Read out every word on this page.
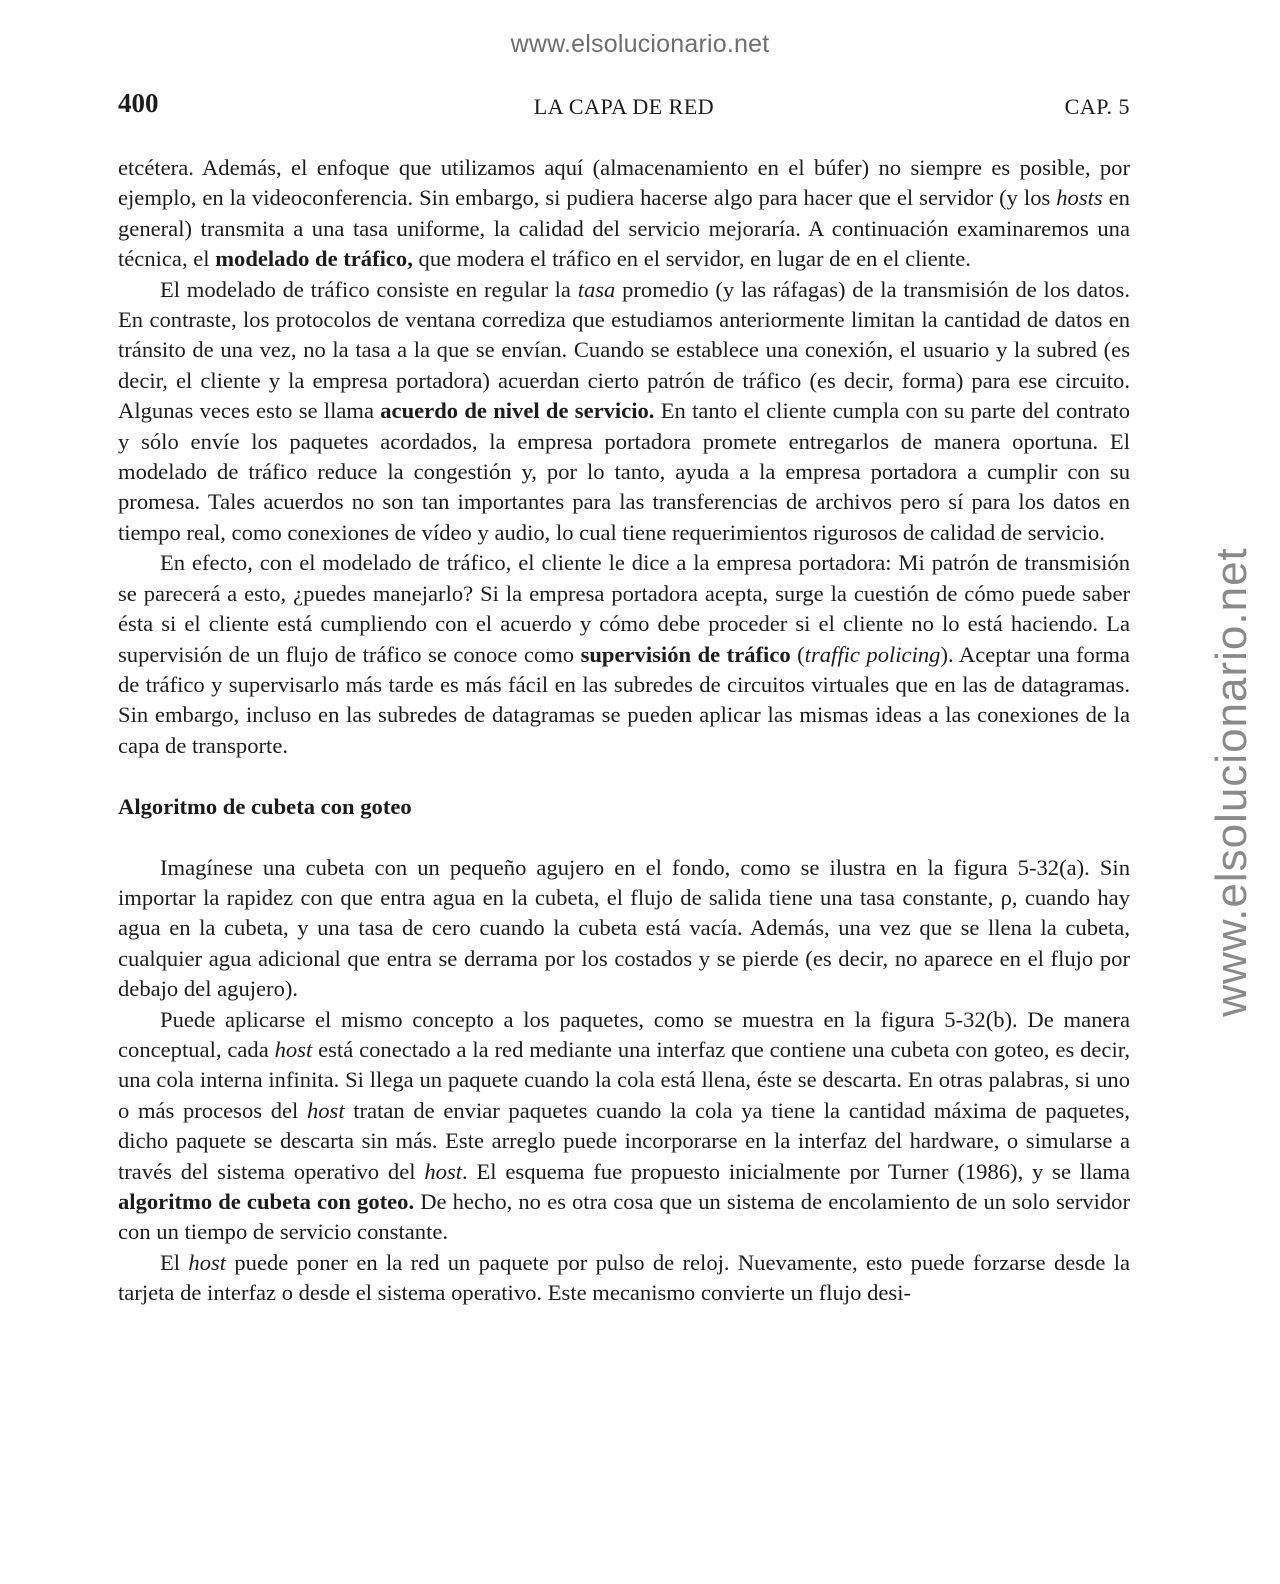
www.elsolucionario.net
www.elsolucionario.net
400	LA CAPA DE RED	CAP. 5

etcétera. Además, el enfoque que utilizamos aquí (almacenamiento en el búfer) no siempre es posible, por ejemplo, en la videoconferencia. Sin embargo, si pudiera hacerse algo para hacer que el servidor (y los hosts en general) transmita a una tasa uniforme, la calidad del servicio mejoraría. A continuación examinaremos una técnica, el modelado de tráfico, que modera el tráfico en el servidor, en lugar de en el cliente.

El modelado de tráfico consiste en regular la tasa promedio (y las ráfagas) de la transmisión de los datos. En contraste, los protocolos de ventana corrediza que estudiamos anteriormente limitan la cantidad de datos en tránsito de una vez, no la tasa a la que se envían. Cuando se establece una conexión, el usuario y la subred (es decir, el cliente y la empresa portadora) acuerdan cierto patrón de tráfico (es decir, forma) para ese circuito. Algunas veces esto se llama acuerdo de nivel de servicio. En tanto el cliente cumpla con su parte del contrato y sólo envíe los paquetes acordados, la empresa portadora promete entregarlos de manera oportuna. El modelado de tráfico reduce la congestión y, por lo tanto, ayuda a la empresa portadora a cumplir con su promesa. Tales acuerdos no son tan importantes para las transferencias de archivos pero sí para los datos en tiempo real, como conexiones de vídeo y audio, lo cual tiene requerimientos rigurosos de calidad de servicio.

En efecto, con el modelado de tráfico, el cliente le dice a la empresa portadora: Mi patrón de transmisión se parecerá a esto, ¿puedes manejarlo? Si la empresa portadora acepta, surge la cuestión de cómo puede saber ésta si el cliente está cumpliendo con el acuerdo y cómo debe proceder si el cliente no lo está haciendo. La supervisión de un flujo de tráfico se conoce como supervisión de tráfico (traffic policing). Aceptar una forma de tráfico y supervisarlo más tarde es más fácil en las subredes de circuitos virtuales que en las de datagramas. Sin embargo, incluso en las subredes de datagramas se pueden aplicar las mismas ideas a las conexiones de la capa de transporte.

Algoritmo de cubeta con goteo

Imagínese una cubeta con un pequeño agujero en el fondo, como se ilustra en la figura 5-32(a). Sin importar la rapidez con que entra agua en la cubeta, el flujo de salida tiene una tasa constante, ρ, cuando hay agua en la cubeta, y una tasa de cero cuando la cubeta está vacía. Además, una vez que se llena la cubeta, cualquier agua adicional que entra se derrama por los costados y se pierde (es decir, no aparece en el flujo por debajo del agujero).

Puede aplicarse el mismo concepto a los paquetes, como se muestra en la figura 5-32(b). De manera conceptual, cada host está conectado a la red mediante una interfaz que contiene una cubeta con goteo, es decir, una cola interna infinita. Si llega un paquete cuando la cola está llena, éste se descarta. En otras palabras, si uno o más procesos del host tratan de enviar paquetes cuando la cola ya tiene la cantidad máxima de paquetes, dicho paquete se descarta sin más. Este arreglo puede incorporarse en la interfaz del hardware, o simularse a través del sistema operativo del host. El esquema fue propuesto inicialmente por Turner (1986), y se llama algoritmo de cubeta con goteo. De hecho, no es otra cosa que un sistema de encolamiento de un solo servidor con un tiempo de servicio constante.

El host puede poner en la red un paquete por pulso de reloj. Nuevamente, esto puede forzarse desde la tarjeta de interfaz o desde el sistema operativo. Este mecanismo convierte un flujo desi-
